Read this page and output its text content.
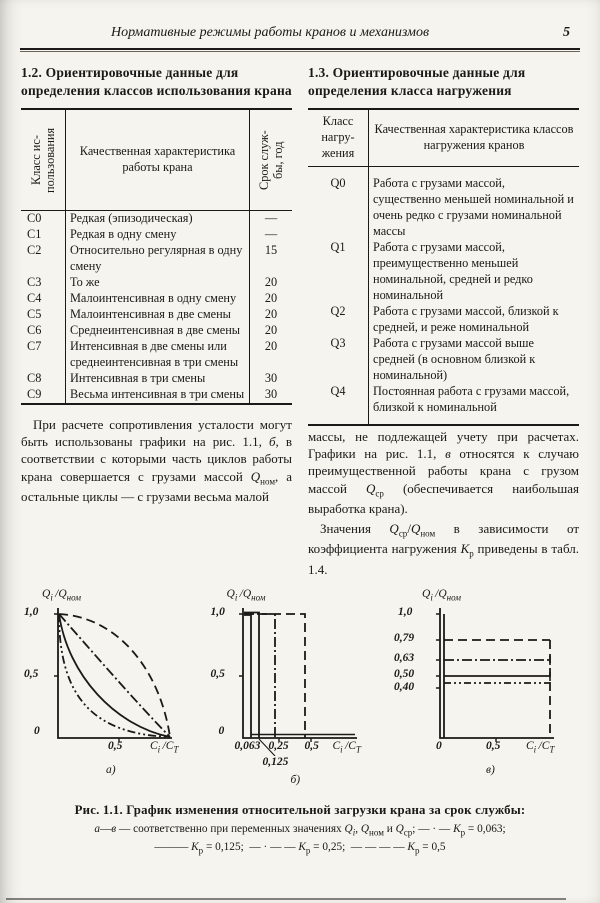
Нормативные режимы работы кранов и механизмов	5

1.2. Ориентировочные данные для определения классов использования крана

Класс ис-
пользования	Качественная характеристика работы крана	Срок служ-
бы, год

C0	Редкая (эпизодическая)	—
C1	Редкая в одну смену	—
C2	Относительно регулярная в одну смену	15
C3	То же	20
C4	Малоинтенсивная в одну смену	20
C5	Малоинтенсивная в две смены	20
C6	Среднеинтенсивная в две смены	20
C7	Интенсивная в две смены или среднеинтенсивная в три смены	20
C8	Интенсивная в три смены	30
C9	Весьма интенсивная в три смены	30

При расчете сопротивления усталости могут быть использованы графики на рис. 1.1, б, в соответствии с которыми часть циклов работы крана совершается с грузами массой $Q_{ном}$, а остальные циклы — с грузами весьма малой

1.3. Ориентировочные данные для определения класса нагружения

Класс
нагру-
жения	Качественная характеристика классов нагружения кранов
Q0	Работа с грузами массой, существенно меньшей номинальной и очень редко с грузами номинальной массы
Q1	Работа с грузами массой, преимущественно меньшей номинальной, средней и редко номинальной
Q2	Работа с грузами массой, близкой к средней, и реже номинальной
Q3	Работа с грузами массой выше средней (в основном близкой к номинальной)
Q4	Постоянная работа с грузами массой, близкой к номинальной

массы, не подлежащей учету при расчетах. Графики на рис. 1.1, в относятся к случаю преимущественной работы крана с грузом массой $Q_{ср}$ (обеспечивается наибольшая выработка крана).

Значения $Q_{ср}/Q_{ном}$ в зависимости от коэффициента нагружения $К_р$ приведены в табл. 1.4.

$Q_i$ $/Q_{ном}$
1,0
0,5
0
0,5 $C_i$ $/C_T$
а)
$Q_i$ $/Q_{ном}$
1,0
0,5
0
0,063 0,25 0,5 $C_i$ $/C_T$
0,125
б)
$Q_i$ $/Q_{ном}$
1,0
0,79
0,63
0,50
0,40
0	0,5 $C_i$ $/C_T$
в)
Рис. 1.1. График изменения относительной загрузки крана за срок службы:
а—в — соответственно при переменных значениях $Q_i$, $Q_{ном}$ и $Q_{ср}$; — · — $К_р = 0,063$;
——— $К_р = 0,125$;  — · — — $К_р = 0,25$;  — — — — $К_р = 0,5$
